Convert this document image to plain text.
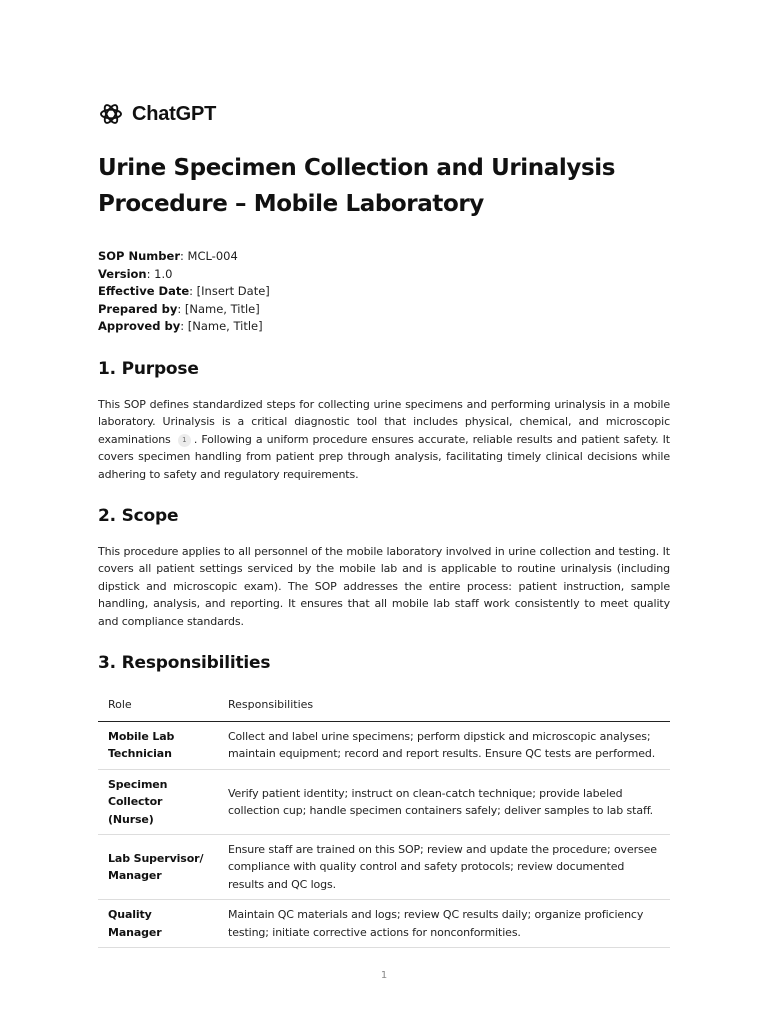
ChatGPT
Urine Specimen Collection and Urinalysis Procedure – Mobile Laboratory
SOP Number: MCL-004
Version: 1.0
Effective Date: [Insert Date]
Prepared by: [Name, Title]
Approved by: [Name, Title]
1. Purpose

This SOP defines standardized steps for collecting urine specimens and performing urinalysis in a mobile laboratory. Urinalysis is a critical diagnostic tool that includes physical, chemical, and microscopic examinations 1 . Following a uniform procedure ensures accurate, reliable results and patient safety. It covers specimen handling from patient prep through analysis, facilitating timely clinical decisions while adhering to safety and regulatory requirements.

2. Scope

This procedure applies to all personnel of the mobile laboratory involved in urine collection and testing. It covers all patient settings serviced by the mobile lab and is applicable to routine urinalysis (including dipstick and microscopic exam). The SOP addresses the entire process: patient instruction, sample handling, analysis, and reporting. It ensures that all mobile lab staff work consistently to meet quality and compliance standards.

3. Responsibilities
Role	Responsibilities
Mobile Lab Technician	Collect and label urine specimens; perform dipstick and microscopic analyses; maintain equipment; record and report results. Ensure QC tests are performed.
Specimen Collector (Nurse)	Verify patient identity; instruct on clean-catch technique; provide labeled collection cup; handle specimen containers safely; deliver samples to lab staff.
Lab Supervisor/ Manager	Ensure staff are trained on this SOP; review and update the procedure; oversee compliance with quality control and safety protocols; review documented results and QC logs.
Quality Manager	Maintain QC materials and logs; review QC results daily; organize proficiency testing; initiate corrective actions for nonconformities.
1
